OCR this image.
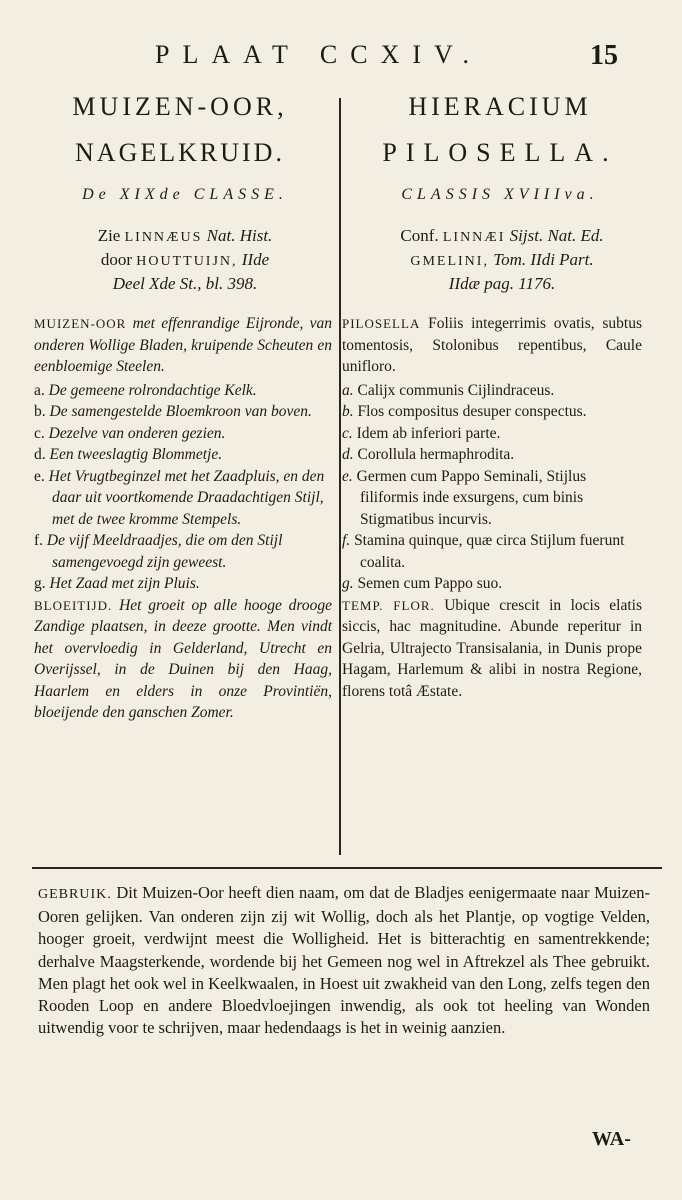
PLAAT CCXIV.	15
MUIZEN-OOR,
NAGELKRUID.
De XIXde CLASSE.
Zie LINNÆUS Nat. Hist.
door HOUTTUIJN, IIde
Deel Xde St., bl. 398.
MUIZEN-OOR met effenrandige Eijronde, van onderen Wollige Bladen, kruipende Scheuten en eenbloemige Steelen.
a. De gemeene rolrondachtige Kelk.
b. De samengestelde Bloemkroon van boven.
c. Dezelve van onderen gezien.
d. Een tweeslagtig Blommetje.
e. Het Vrugtbeginzel met het Zaadpluis, en den daar uit voortkomende Draadachtigen Stijl, met de twee kromme Stempels.
f. De vijf Meeldraadjes, die om den Stijl samengevoegd zijn geweest.
g. Het Zaad met zijn Pluis.
BLOEITIJD. Het groeit op alle hooge drooge Zandige plaatsen, in deeze grootte. Men vindt het overvloedig in Gelderland, Utrecht en Overijssel, in de Duinen bij den Haag, Haarlem en elders in onze Provintiën, bloeijende den ganschen Zomer.
HIERACIUM
PILOSELLA.
CLASSIS XVIIIva.
Conf. LINNÆI Sijst. Nat. Ed.
GMELINI, Tom. IIdi Part.
IIdæ pag. 1176.
PILOSELLA Foliis integerrimis ovatis, subtus tomentosis, Stolonibus repentibus, Caule unifloro.
a. Calijx communis Cijlindraceus.
b. Flos compositus desuper conspectus.
c. Idem ab inferiori parte.
d. Corollula hermaphrodita.
e. Germen cum Pappo Seminali, Stijlus filiformis inde exsurgens, cum binis Stigmatibus incurvis.
f. Stamina quinque, quæ circa Stijlum fuerunt coalita.
g. Semen cum Pappo suo.
TEMP. FLOR. Ubique crescit in locis elatis siccis, hac magnitudine. Abunde reperitur in Gelria, Ultrajecto Transisalania, in Dunis prope Hagam, Harlemum & alibi in nostra Regione, florens totâ Æstate.
GEBRUIK. Dit Muizen-Oor heeft dien naam, om dat de Bladjes eenigermaate naar Muizen-Ooren gelijken. Van onderen zijn zij wit Wollig, doch als het Plantje, op vogtige Velden, hooger groeit, verdwijnt meest die Wolligheid. Het is bitterachtig en samentrekkende; derhalve Maagsterkende, wordende bij het Gemeen nog wel in Aftrekzel als Thee gebruikt. Men plagt het ook wel in Keelkwaalen, in Hoest uit zwakheid van den Long, zelfs tegen den Rooden Loop en andere Bloedvloejingen inwendig, als ook tot heeling van Wonden uitwendig voor te schrijven, maar hedendaags is het in weinig aanzien.
WA-
